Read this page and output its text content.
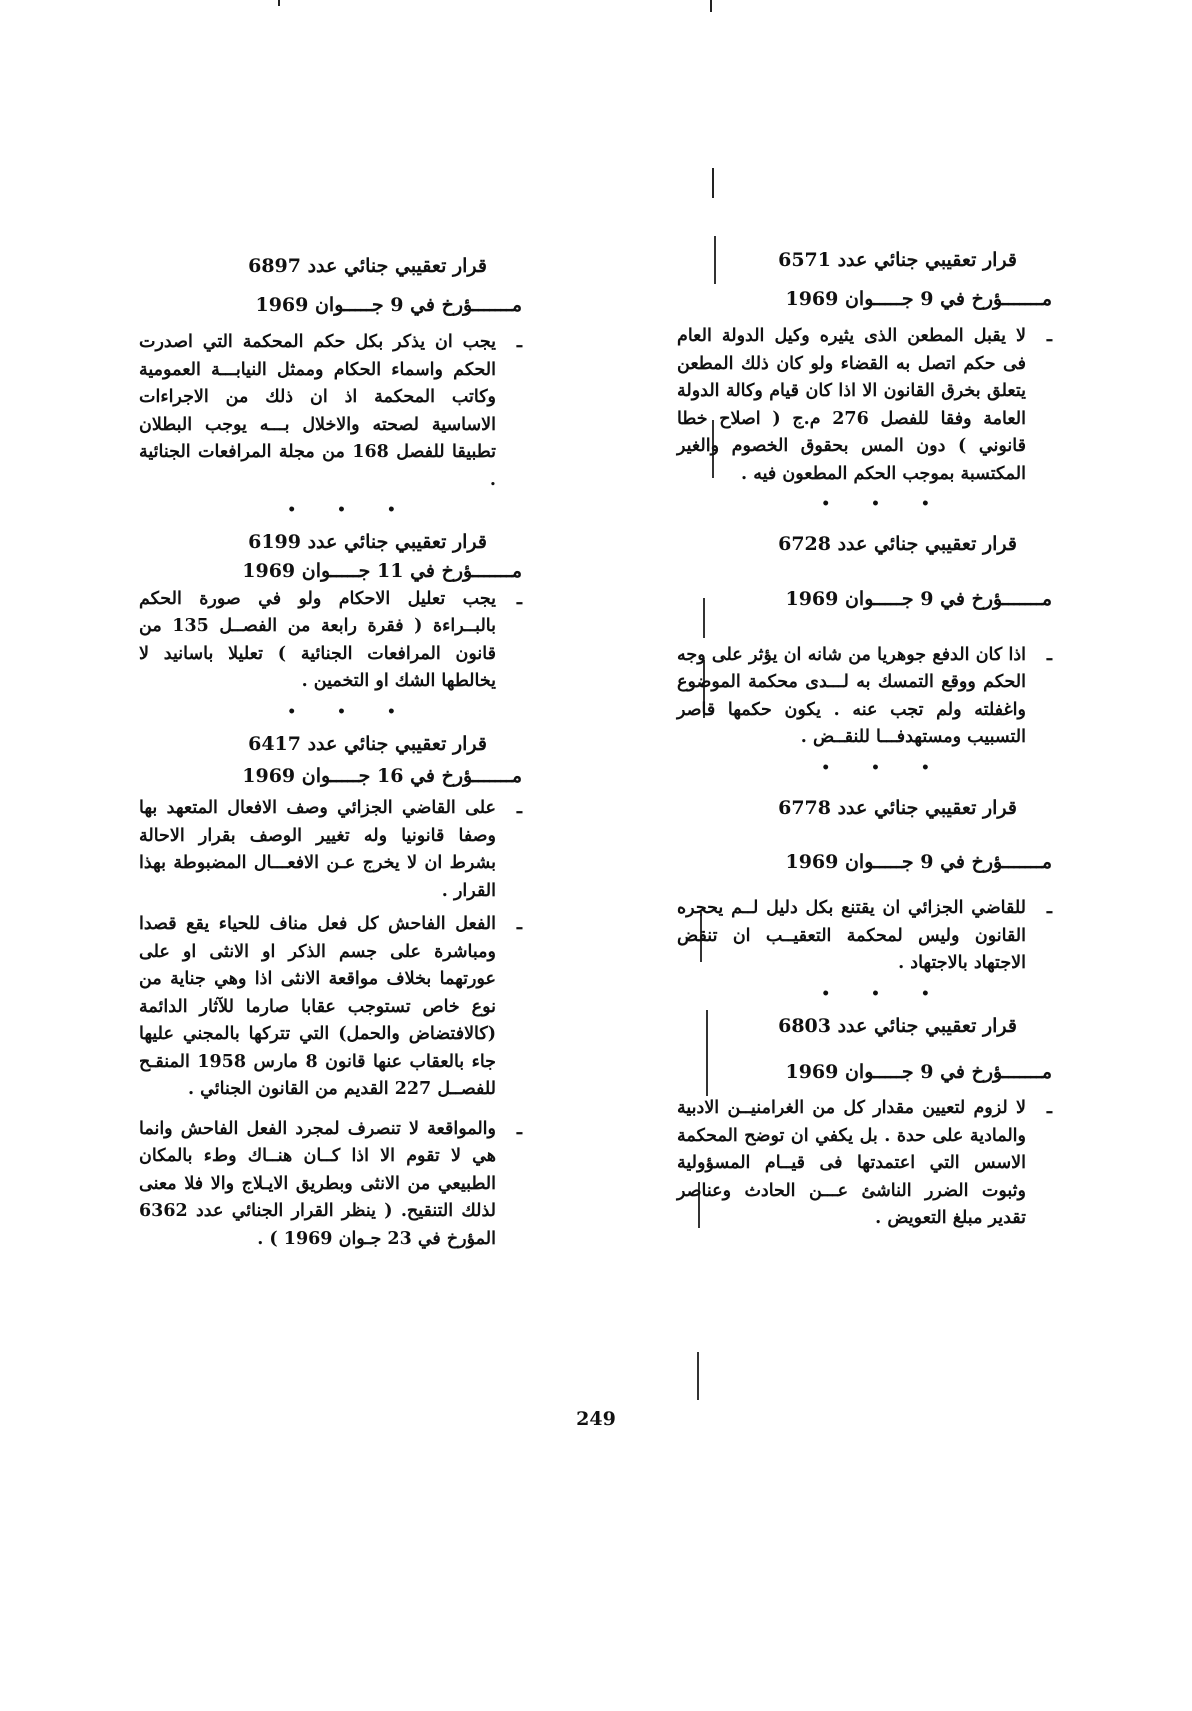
قرار تعقيبي جنائي عدد 6571
مـــــــؤرخ في 9 جـــــوان 1969
ـ
لا يقبل المطعن الذى يثيره وكيل الدولة العام فى حكم اتصل به القضاء ولو كان ذلك المطعن يتعلق بخرق القانون الا اذا كان قيام وكالة الدولة العامة وفقا للفصل 276 م.ج ( اصلاح خطا قانوني ) دون المس بحقوق الخصوم والغير المكتسبة بموجب الحكم المطعون فيه .
• • •
قرار تعقيبي جنائي عدد 6728
مـــــــؤرخ في 9 جـــــوان 1969
ـ
اذا كان الدفع جوهريا من شانه ان يؤثر على وجه الحكم ووقع التمسك به لـــدى محكمة الموضوع واغفلته ولم تجب عنه . يكون حكمها قاصر التسبيب ومستهدفـــا للنقــض .
• • •
قرار تعقيبي جنائي عدد 6778
مـــــــؤرخ في 9 جـــــوان 1969
ـ
للقاضي الجزائي ان يقتنع بكل دليل لــم يحجره القانون وليس لمحكمة التعقيــب ان تنقض الاجتهاد بالاجتهاد .
• • •
قرار تعقيبي جنائي عدد 6803
مـــــــؤرخ في 9 جـــــوان 1969
ـ
لا لزوم لتعيين مقدار كل من الغرامنيــن الادبية والمادية على حدة . بل يكفي ان توضح المحكمة الاسس التي اعتمدتها فى قيــام المسؤولية وثبوت الضرر الناشئ عـــن الحادث وعناصر تقدير مبلغ التعويض .
قرار تعقيبي جنائي عدد 6897
مـــــــؤرخ في 9 جـــــوان 1969
ـ
يجب ان يذكر بكل حكم المحكمة التي اصدرت الحكم واسماء الحكام وممثل النيابـــة العمومية وكاتب المحكمة اذ ان ذلك من الاجراءات الاساسية لصحته والاخلال بـــه يوجب البطلان تطبيقا للفصل 168 من مجلة المرافعات الجنائية .
• • •
قرار تعقيبي جنائي عدد 6199
مـــــــؤرخ في 11 جـــــوان 1969
ـ
يجب تعليل الاحكام ولو في صورة الحكم بالبــراءة ( فقرة رابعة من الفصــل 135 من قانون المرافعات الجنائية ) تعليلا باسانيد لا يخالطها الشك او التخمين .
• • •
قرار تعقيبي جنائي عدد 6417
مـــــــؤرخ في 16 جـــــوان 1969
ـ
على القاضي الجزائي وصف الافعال المتعهد بها وصفا قانونيا وله تغيير الوصف بقرار الاحالة بشرط ان لا يخرج عـن الافعـــال المضبوطة بهذا القرار .
ـ
الفعل الفاحش كل فعل مناف للحياء يقع قصدا ومباشرة على جسم الذكر او الانثى او على عورتهما بخلاف مواقعة الانثى اذا وهي جناية من نوع خاص تستوجب عقابا صارما للآثار الدائمة (كالافتضاض والحمل) التي تتركها بالمجني عليها جاء بالعقاب عنها قانون 8 مارس 1958 المنقـح للفصــل 227 القديم من القانون الجنائي .
ـ
والمواقعة لا تنصرف لمجرد الفعل الفاحش وانما هي لا تقوم الا اذا كــان هنــاك وطء بالمكان الطبيعي من الانثى وبطريق الايـلاج والا فلا معنى لذلك التنقيح. ( ينظر القرار الجنائي عدد 6362 المؤرخ في 23 جـوان 1969 ) .
249
